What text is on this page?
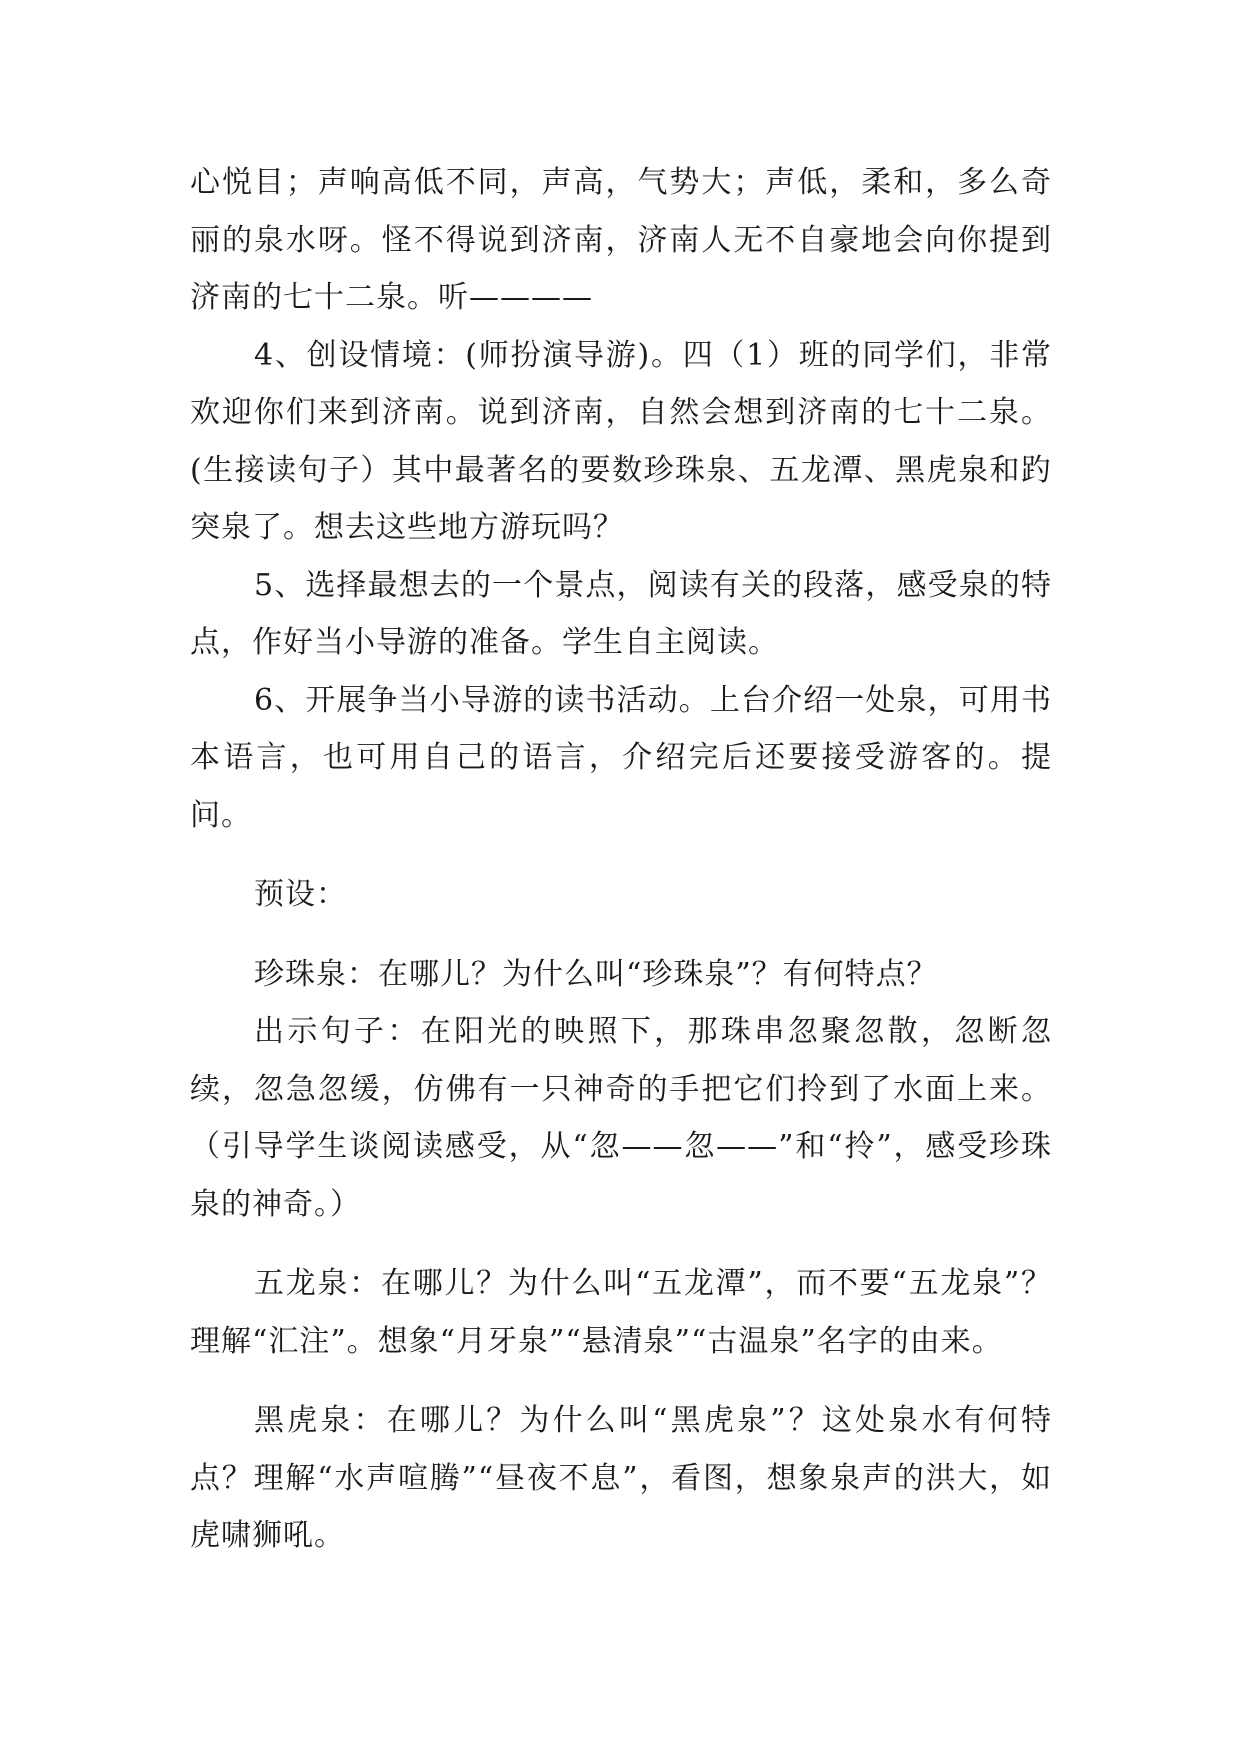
心悦目；声响高低不同，声高，气势大；声低，柔和，多么奇丽的泉水呀。怪不得说到济南，济南人无不自豪地会向你提到济南的七十二泉。听————

4、创设情境：(师扮演导游)。四（1）班的同学们，非常欢迎你们来到济南。说到济南，自然会想到济南的七十二泉。(生接读句子）其中最著名的要数珍珠泉、五龙潭、黑虎泉和趵突泉了。想去这些地方游玩吗？

5、选择最想去的一个景点，阅读有关的段落，感受泉的特点，作好当小导游的准备。学生自主阅读。

6、开展争当小导游的读书活动。上台介绍一处泉，可用书本语言，也可用自己的语言，介绍完后还要接受游客的。提问。

预设：

珍珠泉：在哪儿？为什么叫“珍珠泉”？有何特点？

出示句子：在阳光的映照下，那珠串忽聚忽散，忽断忽续，忽急忽缓，仿佛有一只神奇的手把它们拎到了水面上来。（引导学生谈阅读感受，从“忽——忽——”和“拎”，感受珍珠泉的神奇。）

五龙泉：在哪儿？为什么叫“五龙潭”，而不要“五龙泉”？理解“汇注”。想象“月牙泉”“悬清泉”“古温泉”名字的由来。

黑虎泉：在哪儿？为什么叫“黑虎泉”？这处泉水有何特点？理解“水声喧腾”“昼夜不息”，看图，想象泉声的洪大，如虎啸狮吼。
